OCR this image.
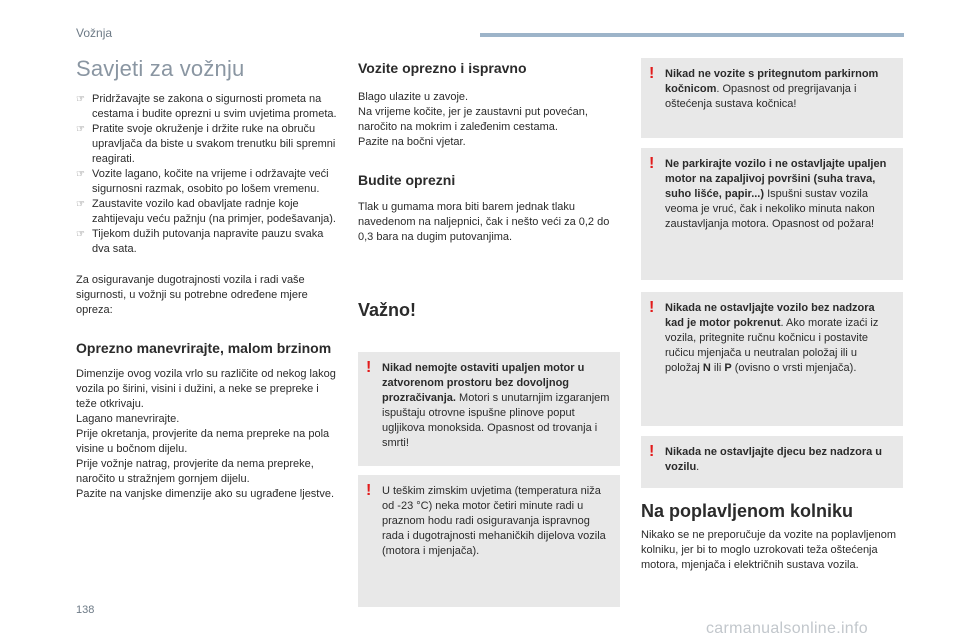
Vožnja
Savjeti za vožnju
☞ Pridržavajte se zakona o sigurnosti prometa na cestama i budite oprezni u svim uvjetima prometa.
☞ Pratite svoje okruženje i držite ruke na obruču upravljača da biste u svakom trenutku bili spremni reagirati.
☞ Vozite lagano, kočite na vrijeme i održavajte veći sigurnosni razmak, osobito po lošem vremenu.
☞ Zaustavite vozilo kad obavljate radnje koje zahtijevaju veću pažnju (na primjer, podešavanja).
☞ Tijekom dužih putovanja napravite pauzu svaka dva sata.

Za osiguravanje dugotrajnosti vozila i radi vaše sigurnosti, u vožnji su potrebne određene mjere opreza:

Oprezno manevrirajte, malom brzinom
Dimenzije ovog vozila vrlo su različite od nekog lakog vozila po širini, visini i dužini, a neke se prepreke i teže otkrivaju.
Lagano manevrirajte.
Prije okretanja, provjerite da nema prepreke na pola visine u bočnom dijelu.
Prije vožnje natrag, provjerite da nema prepreke, naročito u stražnjem gornjem dijelu.
Pazite na vanjske dimenzije ako su ugrađene ljestve.
Vozite oprezno i ispravno
Blago ulazite u zavoje.
Na vrijeme kočite, jer je zaustavni put povećan, naročito na mokrim i zaleđenim cestama.
Pazite na bočni vjetar.
Budite oprezni
Tlak u gumama mora biti barem jednak tlaku navedenom na naljepnici, čak i nešto veći za 0,2 do 0,3 bara na dugim putovanjima.
Važno!
! Nikad nemojte ostaviti upaljen motor u zatvorenom prostoru bez dovoljnog prozračivanja. Motori s unutarnjim izgaranjem ispuštaju otrovne ispušne plinove poput ugljikova monoksida. Opasnost od trovanja i smrti!
! U teškim zimskim uvjetima (temperatura niža od -23 °C) neka motor četiri minute radi u praznom hodu radi osiguravanja ispravnog rada i dugotrajnosti mehaničkih dijelova vozila (motora i mjenjača).
! Nikad ne vozite s pritegnutom parkirnom kočnicom. Opasnost od pregrijavanja i oštećenja sustava kočnica!
! Ne parkirajte vozilo i ne ostavljajte upaljen motor na zapaljivoj površini (suha trava, suho lišće, papir...) Ispušni sustav vozila veoma je vruć, čak i nekoliko minuta nakon zaustavljanja motora. Opasnost od požara!
! Nikada ne ostavljajte vozilo bez nadzora kad je motor pokrenut. Ako morate izaći iz vozila, pritegnite ručnu kočnicu i postavite ručicu mjenjača u neutralan položaj ili u položaj N ili P (ovisno o vrsti mjenjača).
! Nikada ne ostavljajte djecu bez nadzora u vozilu.
Na poplavljenom kolniku
Nikako se ne preporučuje da vozite na poplavljenom kolniku, jer bi to moglo uzrokovati teža oštećenja motora, mjenjača i električnih sustava vozila.
138
carmanualsonline.info
